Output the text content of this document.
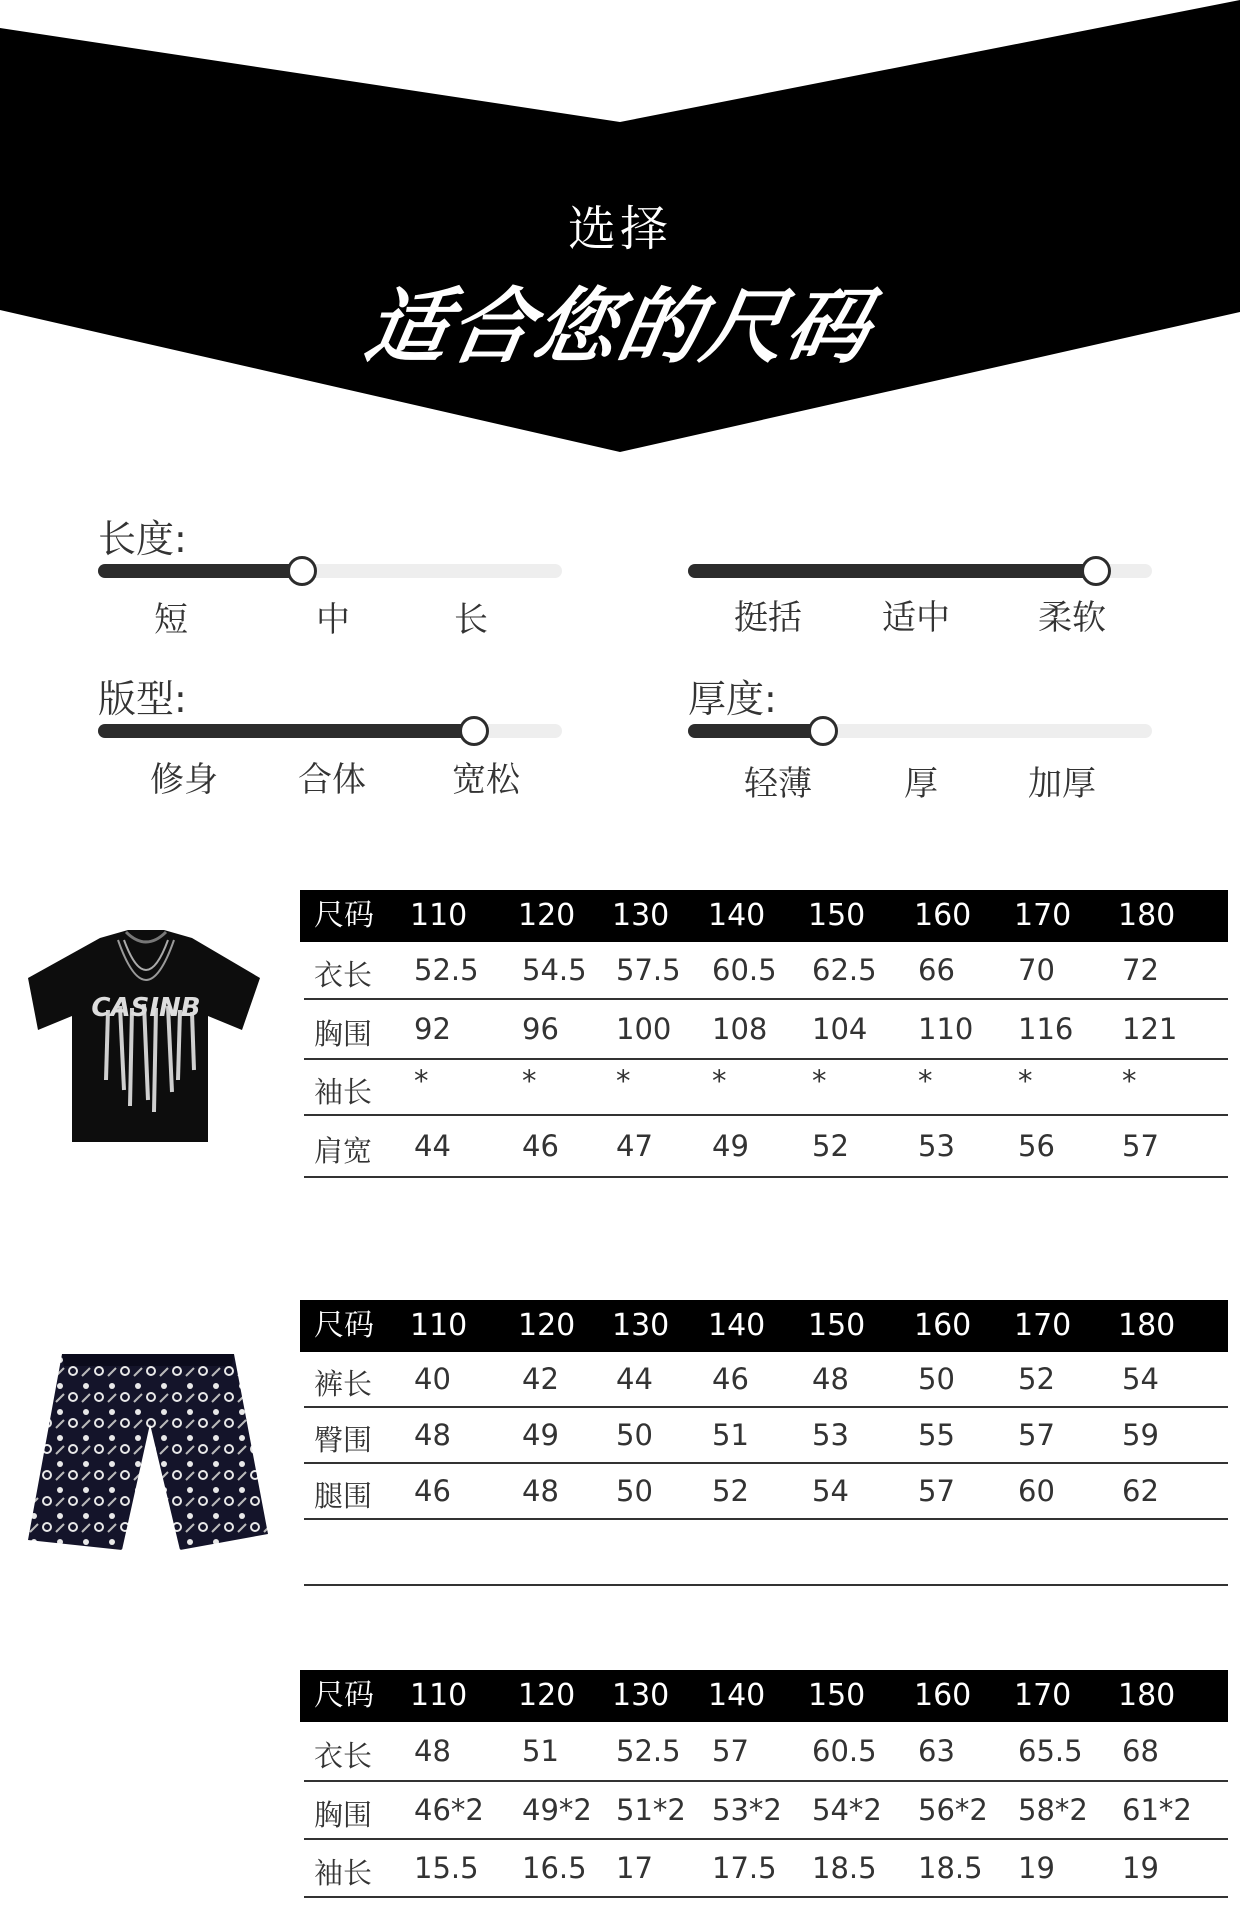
选择
适合您的尺码
长度:
短	中	长	挺括 适中	柔软
版型:
修身 合体	宽松
厚度:
轻薄	厚	加厚
CASINB
尺码 110 120 130 140 150 160 170 180
衣长 52.5 54.5 57.5 60.5 62.5 66 70 72
胸围 92 96 100 108 104 110 116 121
袖长 *	*	*	*	*	*	*	*
肩宽 44 46 47 49 52 53 56 57
尺码 110 120 130 140 150 160 170 180
裤长 40 42 44 46 48 50 52 54
臀围 48 49 50 51 53 55 57 59
腿围 46 48 50 52 54 57 60 62
尺码 110 120 130 140 150 160 170 180
衣长 48 51 52.5 57 60.5 63 65.5 68
胸围 46*2 49*2 51*2 53*2 54*2 56*2 58*2 61*2
袖长 15.5 16.5 17 17.5 18.5 18.5 19 19
